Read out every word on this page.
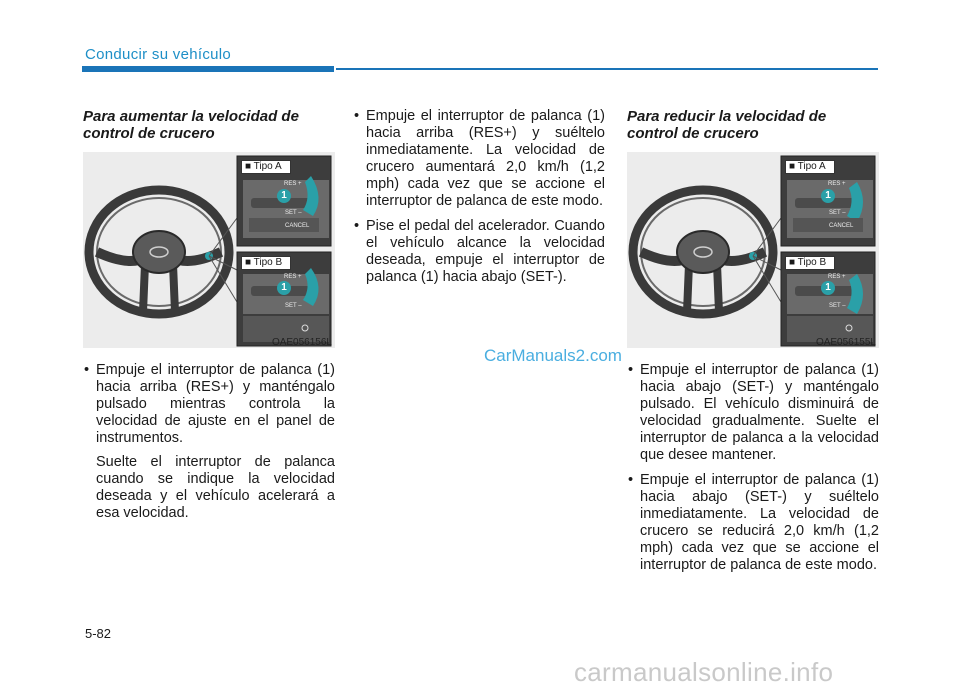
Conducir su vehículo
Para aumentar la velocidad de control de crucero
■ Tipo A
RES +
1
SET –
CANCEL
■ Tipo B
RES +
1
SET –
OAE056156L
• Empuje el interruptor de palanca (1) hacia arriba (RES+) y manténgalo pulsado mientras controla la velocidad de ajuste en el panel de instrumentos.

Suelte el interruptor de palanca cuando se indique la velocidad deseada y el vehículo acelerará a esa velocidad.

• Empuje el interruptor de palanca (1) hacia arriba (RES+) y suéltelo inmediatamente. La velocidad de crucero aumentará 2,0 km/h (1,2 mph) cada vez que se accione el interruptor de palanca de este modo.
• Pise el pedal del acelerador. Cuando el vehículo alcance la velocidad deseada, empuje el interruptor de palanca (1) hacia abajo (SET-).
Para reducir la velocidad de control de crucero
■ Tipo A
RES +
1
SET –
CANCEL
■ Tipo B
RES +
1
SET –
OAE056155L
• Empuje el interruptor de palanca (1) hacia abajo (SET-) y manténgalo pulsado. El vehículo disminuirá de velocidad gradualmente. Suelte el interruptor de palanca a la velocidad que desee mantener.
• Empuje el interruptor de palanca (1) hacia abajo (SET-) y suéltelo inmediatamente. La velocidad de crucero se reducirá 2,0 km/h (1,2 mph) cada vez que se accione el interruptor de palanca de este modo.
CarManuals2.com
5-82
carmanualsonline.info
